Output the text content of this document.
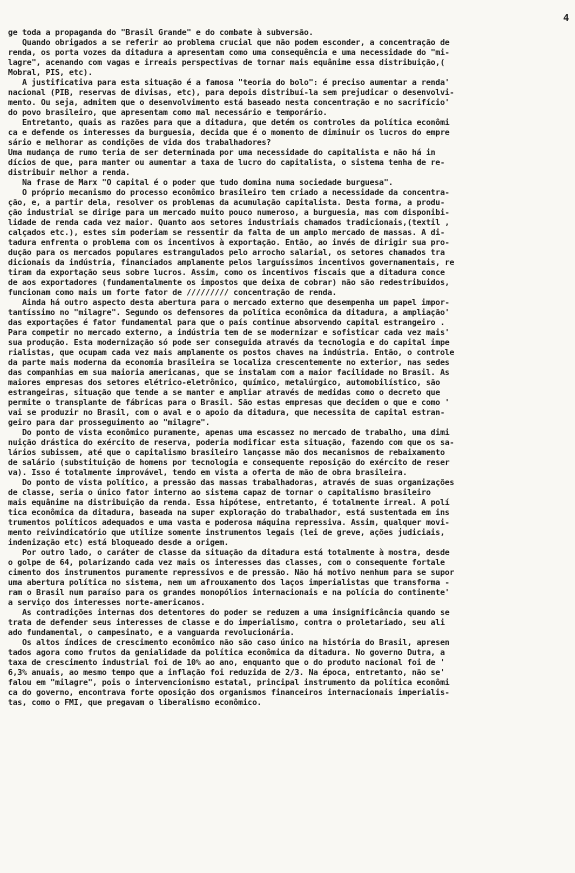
4
ge toda a propaganda do "Brasil Grande" e do combate à subversão.
Quando obrigados a se referir ao problema crucial que não podem esconder, a concentração de
renda, os porta vozes da ditadura a apresentam como uma consequência e uma necessidade do "mi-
lagre", acenando com vagas e irreais perspectivas de tornar mais equânime essa distribuição,(
Mobral, PIS, etc).
A justificativa para esta situação é a famosa "teoria do bolo": é preciso aumentar a renda'
nacional (PIB, reservas de divisas, etc), para depois distribuí-la sem prejudicar o desenvolvi-
mento. Ou seja, admitem que o desenvolvimento está baseado nesta concentração e no sacrifício'
do povo brasileiro, que apresentam como mal necessário e temporário.
Entretanto, quais as razões para que a ditadura, que detém os controles da política econômi
ca e defende os interesses da burguesia, decida que é o momento de diminuir os lucros do empre
sário e melhorar as condições de vida dos trabalhadores?
Uma mudança de rumo teria de ser determinada por uma necessidade do capitalista e não há in
dícios de que, para manter ou aumentar a taxa de lucro do capitalista, o sistema tenha de re-
distribuir melhor a renda.
Na frase de Marx "O capital é o poder que tudo domina numa sociedade burguesa".
O próprio mecanismo do processo econômico brasileiro tem criado a necessidade da concentra-
ção, e, a partir dela, resolver os problemas da acumulação capitalista. Desta forma, a produ-
ção industrial se dirige para um mercado muito pouco numeroso, a burguesia, mas com disponibi-
lidade de renda cada vez maior. Quanto aos setores industriais chamados tradicionais,(textil ,
calçados etc.), estes sim poderiam se ressentir da falta de um amplo mercado de massas. A di-
tadura enfrenta o problema com os incentivos à exportação. Então, ao invés de dirigir sua pro-
dução para os mercados populares estrangulados pelo arrocho salarial, os setores chamados tra
dicionais da indústria, financiados amplamente pelos larguíssimos incentivos governamentais, re
tiram da exportação seus sobre lucros. Assim, como os incentivos fiscais que a ditadura conce
de aos exportadores (fundamentalmente os impostos que deixa de cobrar) não são redestribuidos,
funcionam como mais um forte fator de ///////// concentração de renda.
Ainda há outro aspecto desta abertura para o mercado externo que desempenha um papel impor-
tantíssimo no "milagre". Segundo os defensores da política econômica da ditadura, a ampliação'
das exportações é fator fundamental para que o país continue absorvendo capital estrangeiro .
Para competir no mercado externo, a indústria tem de se modernizar e sofisticar cada vez mais'
sua produção. Esta modernização só pode ser conseguida através da tecnologia e do capital impe
rialistas, que ocupam cada vez mais amplamente os postos chaves na indústria. Então, o controle
da parte mais moderna da economia brasileira se localiza crescentemente no exterior, nas sedes
das companhias em sua maioria americanas, que se instalam com a maior facilidade no Brasil. As
maiores empresas dos setores elétrico-eletrônico, químico, metalúrgico, automobilístico, são
estrangeiras, situação que tende a se manter e ampliar através de medidas como o decreto que
permite o transplante de fábricas para o Brasil. São estas empresas que decidem o que e como '
vai se produzir no Brasil, com o aval e o apoio da ditadura, que necessita de capital estran-
geiro para dar prosseguimento ao "milagre".
Do ponto de vista econômico puramente, apenas uma escassez no mercado de trabalho, uma dimi
nuição drástica do exército de reserva, poderia modificar esta situação, fazendo com que os sa-
lários subissem, até que o capitalismo brasileiro lançasse mão dos mecanismos de rebaixamento
de salário (substituição de homens por tecnologia e consequente reposição do exército de reser
va). Isso é totalmente improvável, tendo em vista a oferta de mão de obra brasileira.
Do ponto de vista político, a pressão das massas trabalhadoras, através de suas organizações
de classe, seria o único fator interno ao sistema capaz de tornar o capitalismo brasileiro
mais equânime na distribuição da renda. Essa hipótese, entretanto, é totalmente irreal. A polí
tica econômica da ditadura, baseada na super exploração do trabalhador, está sustentada em ins
trumentos políticos adequados e uma vasta e poderosa máquina repressiva. Assim, qualquer movi-
mento reivindicatório que utilize somente instrumentos legais (lei de greve, ações judiciais,
indenização etc) está bloqueado desde a origem.
Por outro lado, o caráter de classe da situação da ditadura está totalmente à mostra, desde
o golpe de 64, polarizando cada vez mais os interesses das classes, com o consequente fortale
cimento dos instrumentos puramente repressivos e de pressão. Não há motivo nenhum para se supor
uma abertura política no sistema, nem um afrouxamento dos laços imperialistas que transforma -
ram o Brasil num paraíso para os grandes monopólios internacionais e na polícia do continente'
a serviço dos interesses norte-americanos.
As contradições internas dos detentores do poder se reduzem a uma insignificância quando se
trata de defender seus interesses de classe e do imperialismo, contra o proletariado, seu ali
ado fundamental, o campesinato, e a vanguarda revolucionária.
Os altos índices de crescimento econômico não são caso único na história do Brasil, apresen
tados agora como frutos da genialidade da política econômica da ditadura. No governo Dutra, a
taxa de crescimento industrial foi de 10% ao ano, enquanto que o do produto nacional foi de '
6,3% anuais, ao mesmo tempo que a inflação foi reduzida de 2/3. Na época, entretanto, não se'
falou em "milagre", pois o intervencionismo estatal, principal instrumento da política econômi
ca do governo, encontrava forte oposição dos organismos financeiros internacionais imperialis-
tas, como o FMI, que pregavam o liberalismo econômico.
